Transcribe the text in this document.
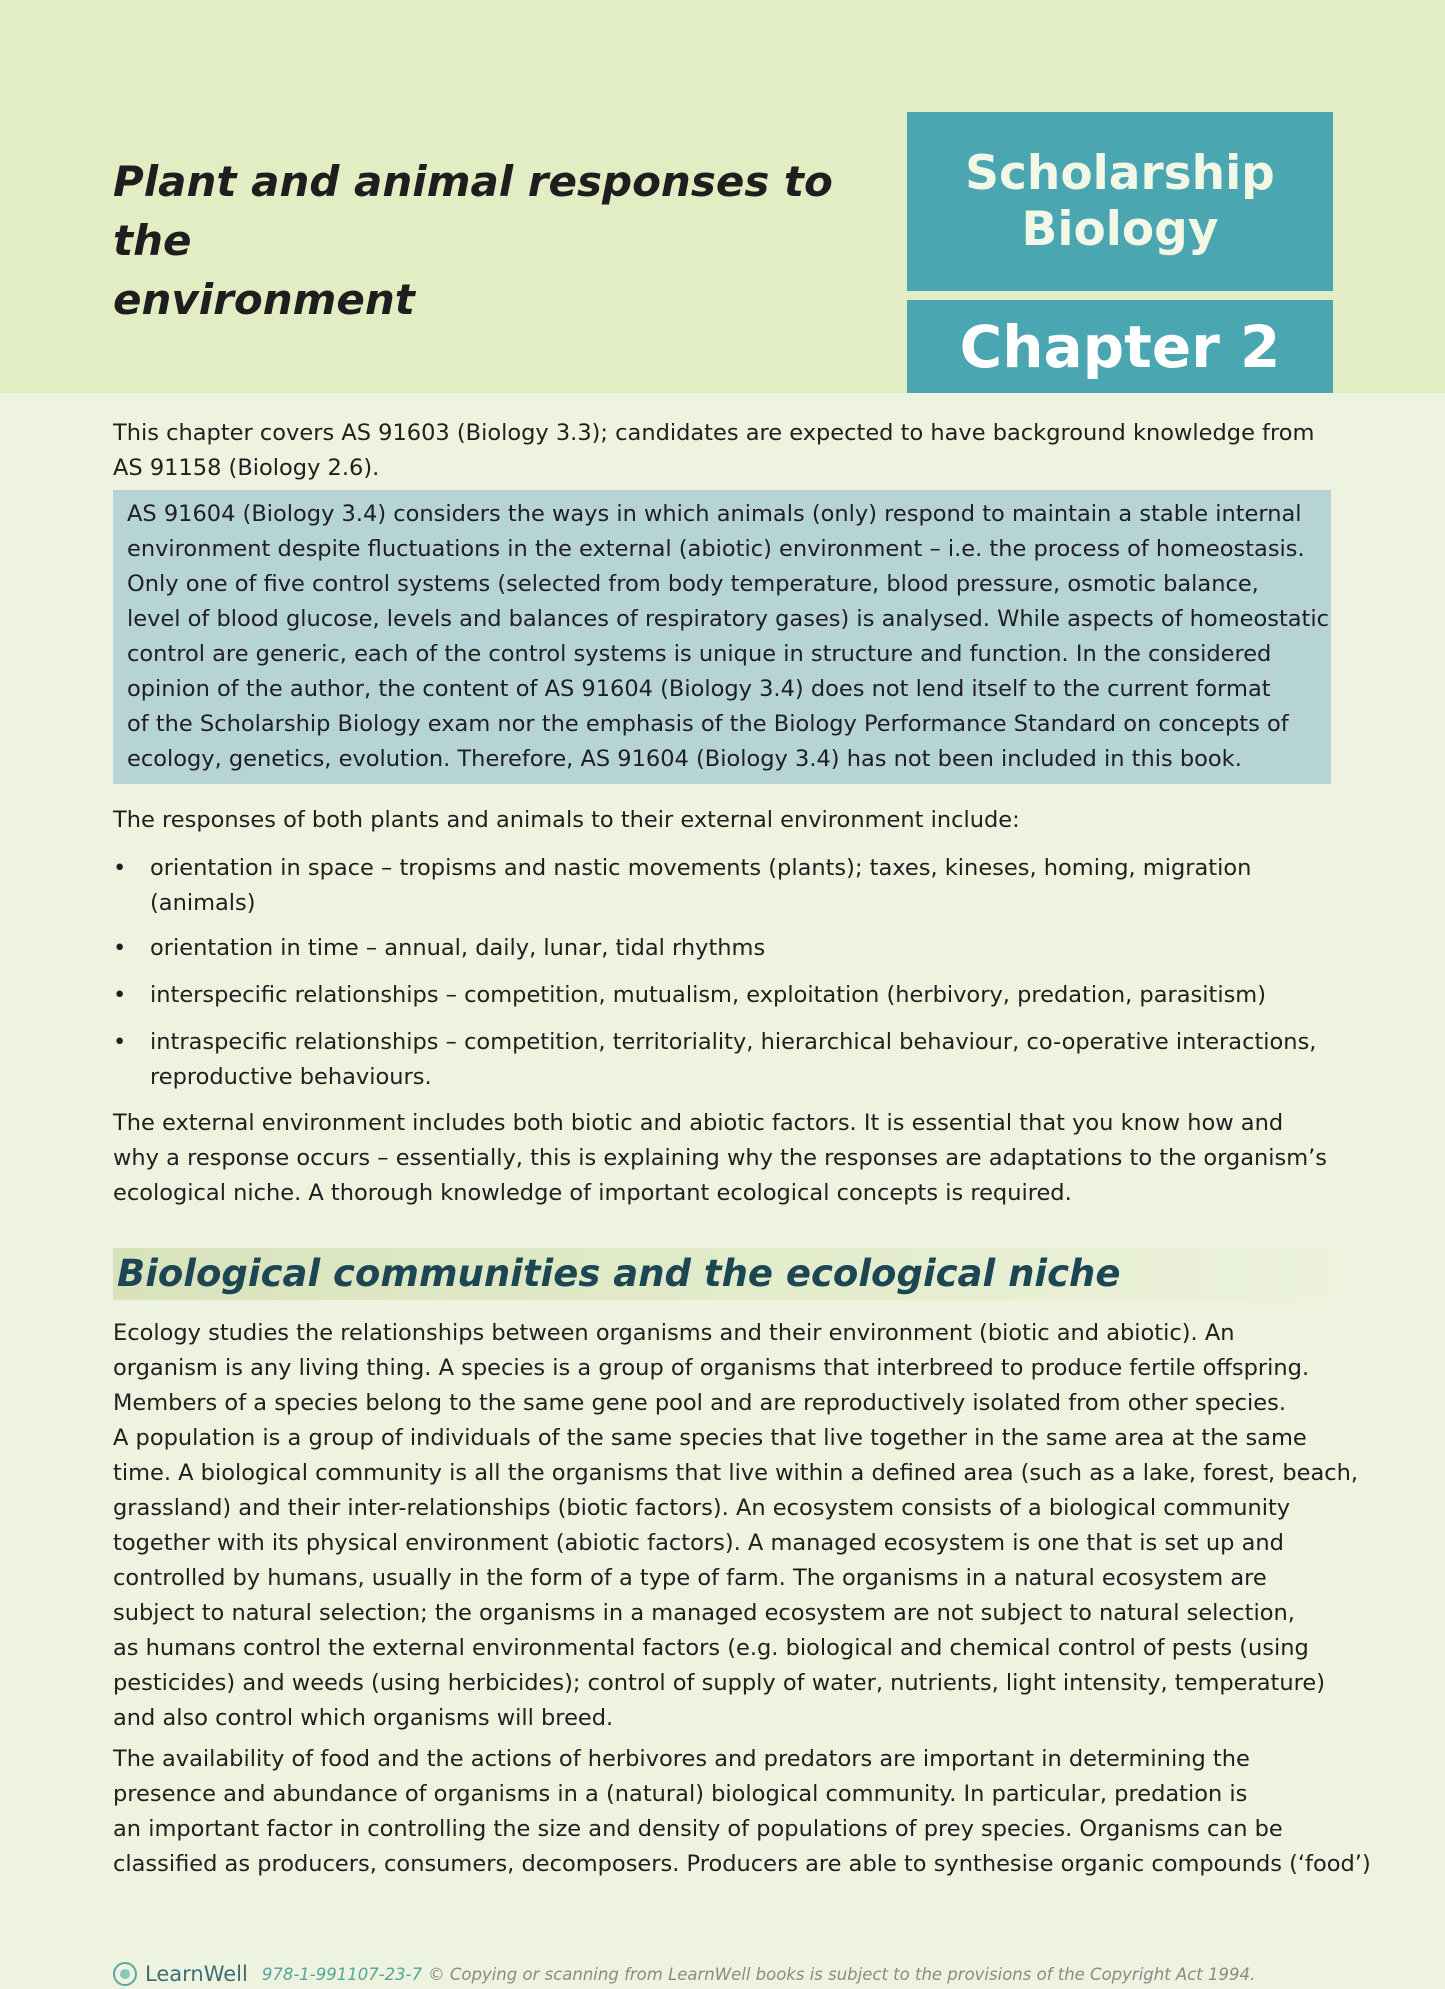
Plant and animal responses to the
environment
Scholarship
Biology
Chapter 2
This chapter covers AS 91603 (Biology 3.3); candidates are expected to have background knowledge from
AS 91158 (Biology 2.6).
AS 91604 (Biology 3.4) considers the ways in which animals (only) respond to maintain a stable internal
environment despite fluctuations in the external (abiotic) environment – i.e. the process of homeostasis.
Only one of five control systems (selected from body temperature, blood pressure, osmotic balance,
level of blood glucose, levels and balances of respiratory gases) is analysed. While aspects of homeostatic
control are generic, each of the control systems is unique in structure and function. In the considered
opinion of the author, the content of AS 91604 (Biology 3.4) does not lend itself to the current format
of the Scholarship Biology exam nor the emphasis of the Biology Performance Standard on concepts of
ecology, genetics, evolution. Therefore, AS 91604 (Biology 3.4) has not been included in this book.
The responses of both plants and animals to their external environment include:
• orientation in space – tropisms and nastic movements (plants); taxes, kineses, homing, migration
(animals)
• orientation in time – annual, daily, lunar, tidal rhythms
• interspecific relationships – competition, mutualism, exploitation (herbivory, predation, parasitism)
• intraspecific relationships – competition, territoriality, hierarchical behaviour, co-operative interactions,
reproductive behaviours.
The external environment includes both biotic and abiotic factors. It is essential that you know how and
why a response occurs – essentially, this is explaining why the responses are adaptations to the organism’s
ecological niche. A thorough knowledge of important ecological concepts is required.
Biological communities and the ecological niche
Ecology studies the relationships between organisms and their environment (biotic and abiotic). An
organism is any living thing. A species is a group of organisms that interbreed to produce fertile offspring.
Members of a species belong to the same gene pool and are reproductively isolated from other species.
A population is a group of individuals of the same species that live together in the same area at the same
time. A biological community is all the organisms that live within a defined area (such as a lake, forest, beach,
grassland) and their inter-relationships (biotic factors). An ecosystem consists of a biological community
together with its physical environment (abiotic factors). A managed ecosystem is one that is set up and
controlled by humans, usually in the form of a type of farm. The organisms in a natural ecosystem are
subject to natural selection; the organisms in a managed ecosystem are not subject to natural selection,
as humans control the external environmental factors (e.g. biological and chemical control of pests (using
pesticides) and weeds (using herbicides); control of supply of water, nutrients, light intensity, temperature)
and also control which organisms will breed.
The availability of food and the actions of herbivores and predators are important in determining the
presence and abundance of organisms in a (natural) biological community. In particular, predation is
an important factor in controlling the size and density of populations of prey species. Organisms can be
classified as producers, consumers, decomposers. Producers are able to synthesise organic compounds (‘food’)
LearnWell 978-1-991107-23-7 © Copying or scanning from LearnWell books is subject to the provisions of the Copyright Act 1994.
